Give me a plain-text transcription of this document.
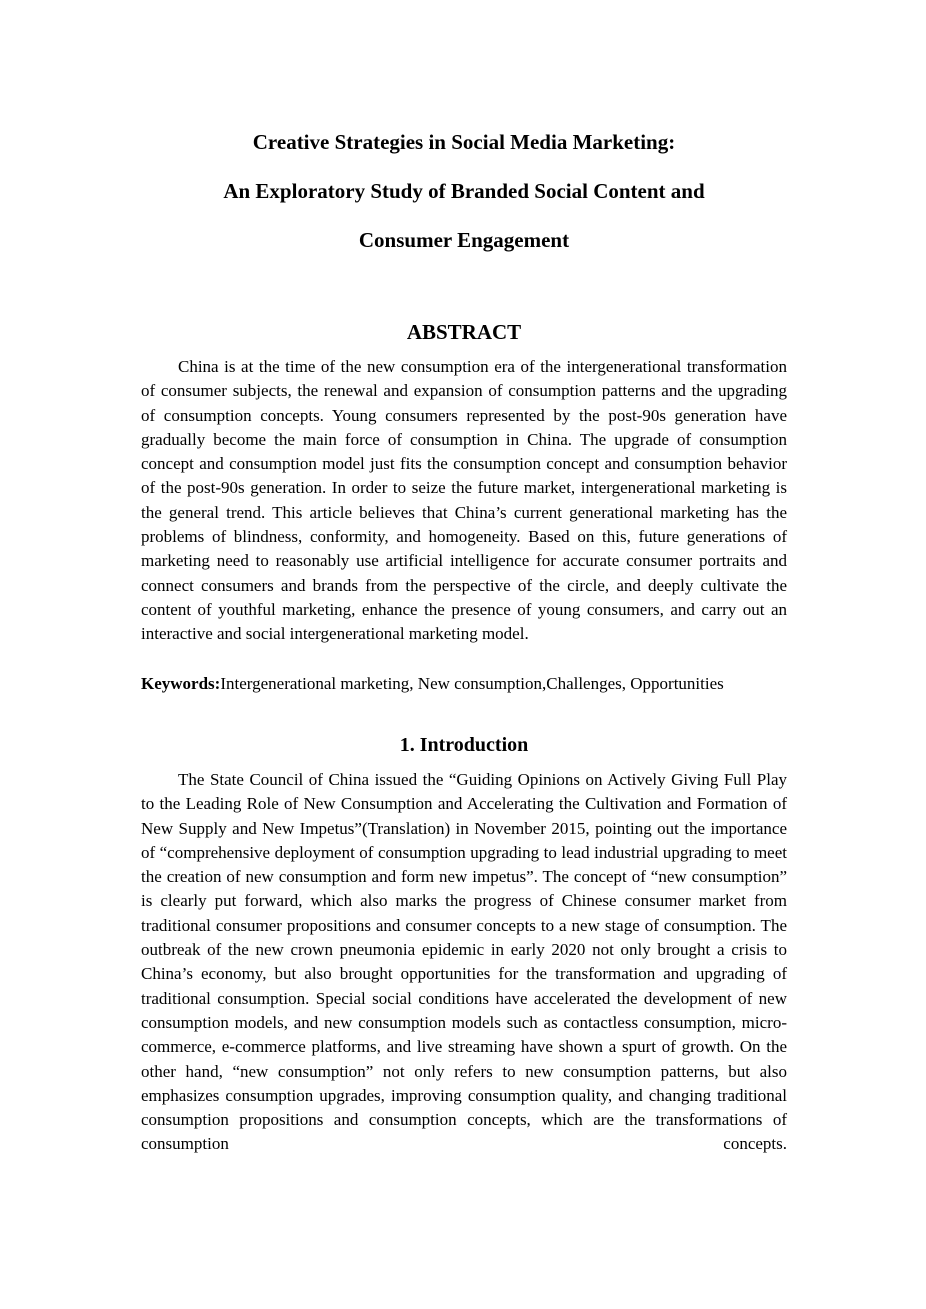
Creative Strategies in Social Media Marketing:
An Exploratory Study of Branded Social Content and
Consumer Engagement
ABSTRACT

China is at the time of the new consumption era of the intergenerational transformation of consumer subjects, the renewal and expansion of consumption patterns and the upgrading of consumption concepts. Young consumers represented by the post-90s generation have gradually become the main force of consumption in China. The upgrade of consumption concept and consumption model just fits the consumption concept and consumption behavior of the post-90s generation. In order to seize the future market, intergenerational marketing is the general trend. This article believes that China’s current generational marketing has the problems of blindness, conformity, and homogeneity. Based on this, future generations of marketing need to reasonably use artificial intelligence for accurate consumer portraits and connect consumers and brands from the perspective of the circle, and deeply cultivate the content of youthful marketing, enhance the presence of young consumers, and carry out an interactive and social intergenerational marketing model.

Keywords:Intergenerational marketing, New consumption,Challenges, Opportunities

1. Introduction

The State Council of China issued the “Guiding Opinions on Actively Giving Full Play to the Leading Role of New Consumption and Accelerating the Cultivation and Formation of New Supply and New Impetus”(Translation) in November 2015, pointing out the importance of “comprehensive deployment of consumption upgrading to lead industrial upgrading to meet the creation of new consumption and form new impetus”. The concept of “new consumption” is clearly put forward, which also marks the progress of Chinese consumer market from traditional consumer propositions and consumer concepts to a new stage of consumption. The outbreak of the new crown pneumonia epidemic in early 2020 not only brought a crisis to China’s economy, but also brought opportunities for the transformation and upgrading of traditional consumption. Special social conditions have accelerated the development of new consumption models, and new consumption models such as contactless consumption, micro-commerce, e-commerce platforms, and live streaming have shown a spurt of growth. On the other hand, “new consumption” not only refers to new consumption patterns, but also emphasizes consumption upgrades, improving consumption quality, and changing traditional consumption propositions and consumption concepts, which are the transformations of consumption concepts.
